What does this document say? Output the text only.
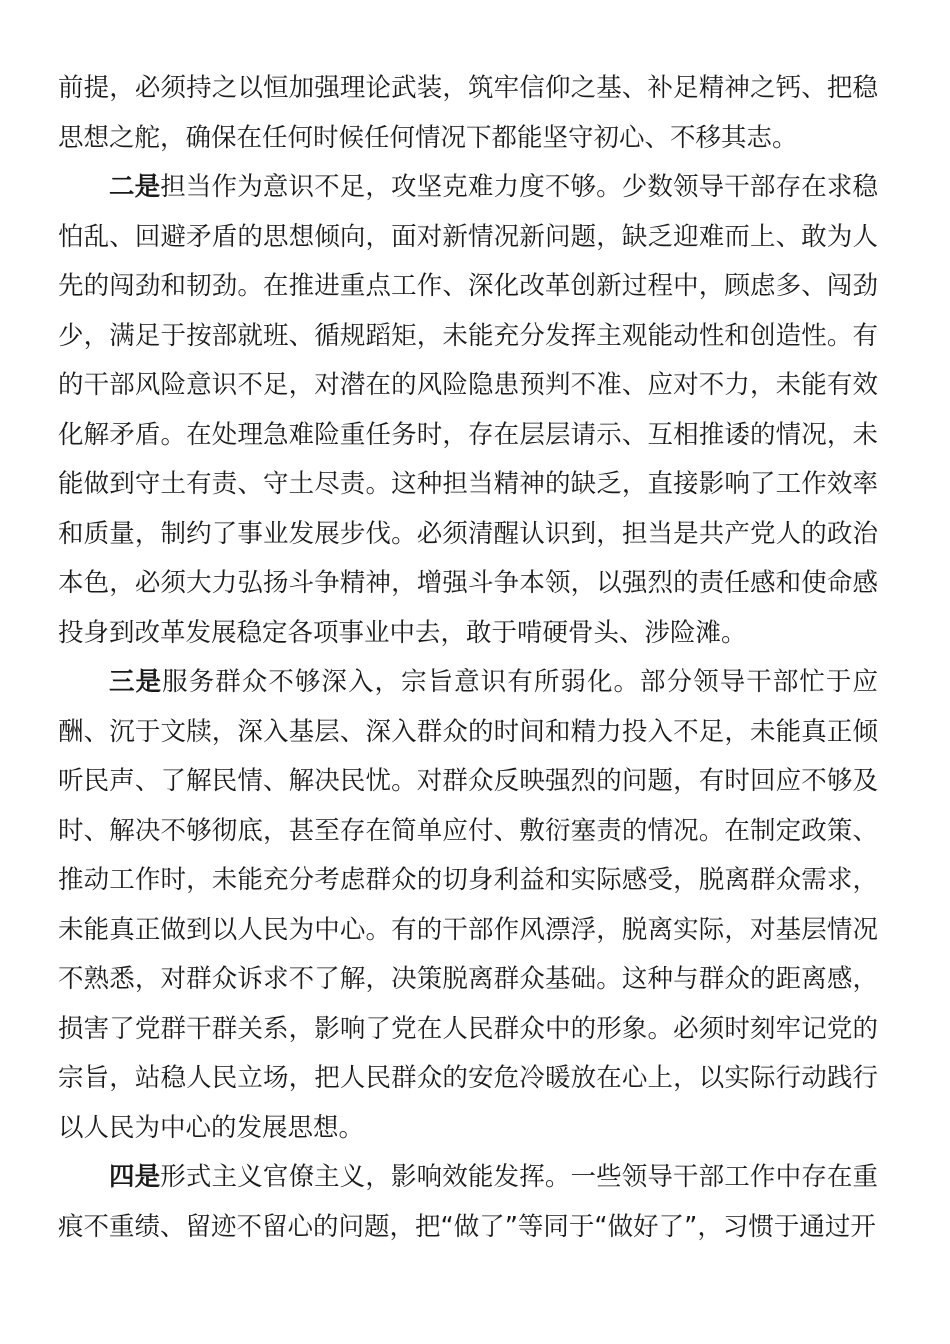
前提，必须持之以恒加强理论武装，筑牢信仰之基、补足精神之钙、把稳思想之舵，确保在任何时候任何情况下都能坚守初心、不移其志。

二是担当作为意识不足，攻坚克难力度不够。少数领导干部存在求稳怕乱、回避矛盾的思想倾向，面对新情况新问题，缺乏迎难而上、敢为人先的闯劲和韧劲。在推进重点工作、深化改革创新过程中，顾虑多、闯劲少，满足于按部就班、循规蹈矩，未能充分发挥主观能动性和创造性。有的干部风险意识不足，对潜在的风险隐患预判不准、应对不力，未能有效化解矛盾。在处理急难险重任务时，存在层层请示、互相推诿的情况，未能做到守土有责、守土尽责。这种担当精神的缺乏，直接影响了工作效率和质量，制约了事业发展步伐。必须清醒认识到，担当是共产党人的政治本色，必须大力弘扬斗争精神，增强斗争本领，以强烈的责任感和使命感投身到改革发展稳定各项事业中去，敢于啃硬骨头、涉险滩。

三是服务群众不够深入，宗旨意识有所弱化。部分领导干部忙于应酬、沉于文牍，深入基层、深入群众的时间和精力投入不足，未能真正倾听民声、了解民情、解决民忧。对群众反映强烈的问题，有时回应不够及时、解决不够彻底，甚至存在简单应付、敷衍塞责的情况。在制定政策、推动工作时，未能充分考虑群众的切身利益和实际感受，脱离群众需求，未能真正做到以人民为中心。有的干部作风漂浮，脱离实际，对基层情况不熟悉，对群众诉求不了解，决策脱离群众基础。这种与群众的距离感，损害了党群干群关系，影响了党在人民群众中的形象。必须时刻牢记党的宗旨，站稳人民立场，把人民群众的安危冷暖放在心上，以实际行动践行以人民为中心的发展思想。

四是形式主义官僚主义，影响效能发挥。一些领导干部工作中存在重痕不重绩、留迹不留心的问题，把“做了”等同于“做好了”，习惯于通过开
